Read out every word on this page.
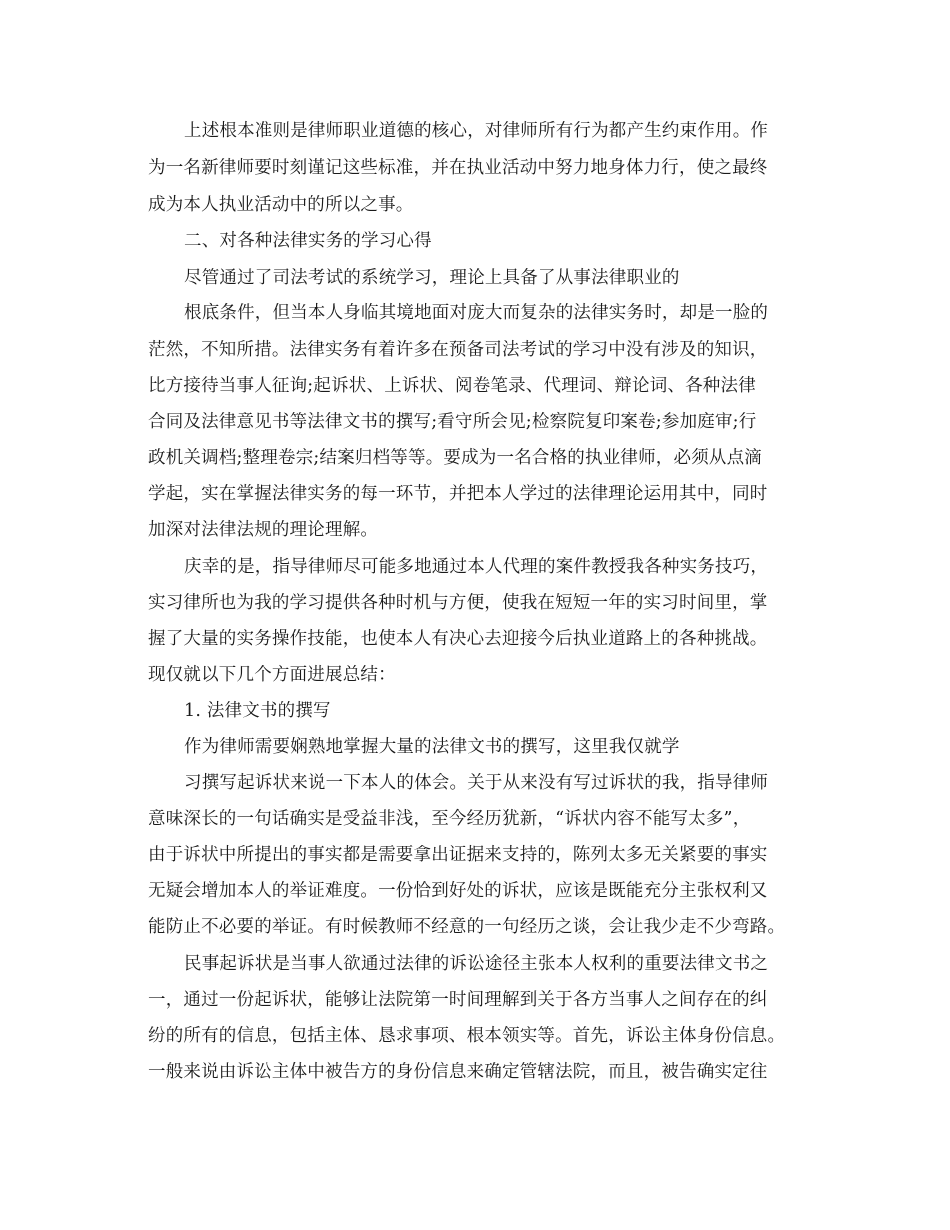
上述根本准则是律师职业道德的核心，对律师所有行为都产生约束作用。作
为一名新律师要时刻谨记这些标准，并在执业活动中努力地身体力行，使之最终
成为本人执业活动中的所以之事。
二、对各种法律实务的学习心得
尽管通过了司法考试的系统学习，理论上具备了从事法律职业的
根底条件，但当本人身临其境地面对庞大而复杂的法律实务时，却是一脸的
茫然，不知所措。法律实务有着许多在预备司法考试的学习中没有涉及的知识，
比方接待当事人征询;起诉状、上诉状、阅卷笔录、代理词、辩论词、各种法律
合同及法律意见书等法律文书的撰写;看守所会见;检察院复印案卷;参加庭审;行
政机关调档;整理卷宗;结案归档等等。要成为一名合格的执业律师，必须从点滴
学起，实在掌握法律实务的每一环节，并把本人学过的法律理论运用其中，同时
加深对法律法规的理论理解。
庆幸的是，指导律师尽可能多地通过本人代理的案件教授我各种实务技巧，
实习律所也为我的学习提供各种时机与方便，使我在短短一年的实习时间里，掌
握了大量的实务操作技能，也使本人有决心去迎接今后执业道路上的各种挑战。
现仅就以下几个方面进展总结：
1. 法律文书的撰写
作为律师需要娴熟地掌握大量的法律文书的撰写，这里我仅就学
习撰写起诉状来说一下本人的体会。关于从来没有写过诉状的我，指导律师
意味深长的一句话确实是受益非浅，至今经历犹新，“诉状内容不能写太多”，
由于诉状中所提出的事实都是需要拿出证据来支持的，陈列太多无关紧要的事实
无疑会增加本人的举证难度。一份恰到好处的诉状，应该是既能充分主张权利又
能防止不必要的举证。有时候教师不经意的一句经历之谈，会让我少走不少弯路。
民事起诉状是当事人欲通过法律的诉讼途径主张本人权利的重要法律文书之
一，通过一份起诉状，能够让法院第一时间理解到关于各方当事人之间存在的纠
纷的所有的信息，包括主体、恳求事项、根本领实等。首先，诉讼主体身份信息。
一般来说由诉讼主体中被告方的身份信息来确定管辖法院，而且，被告确实定往
